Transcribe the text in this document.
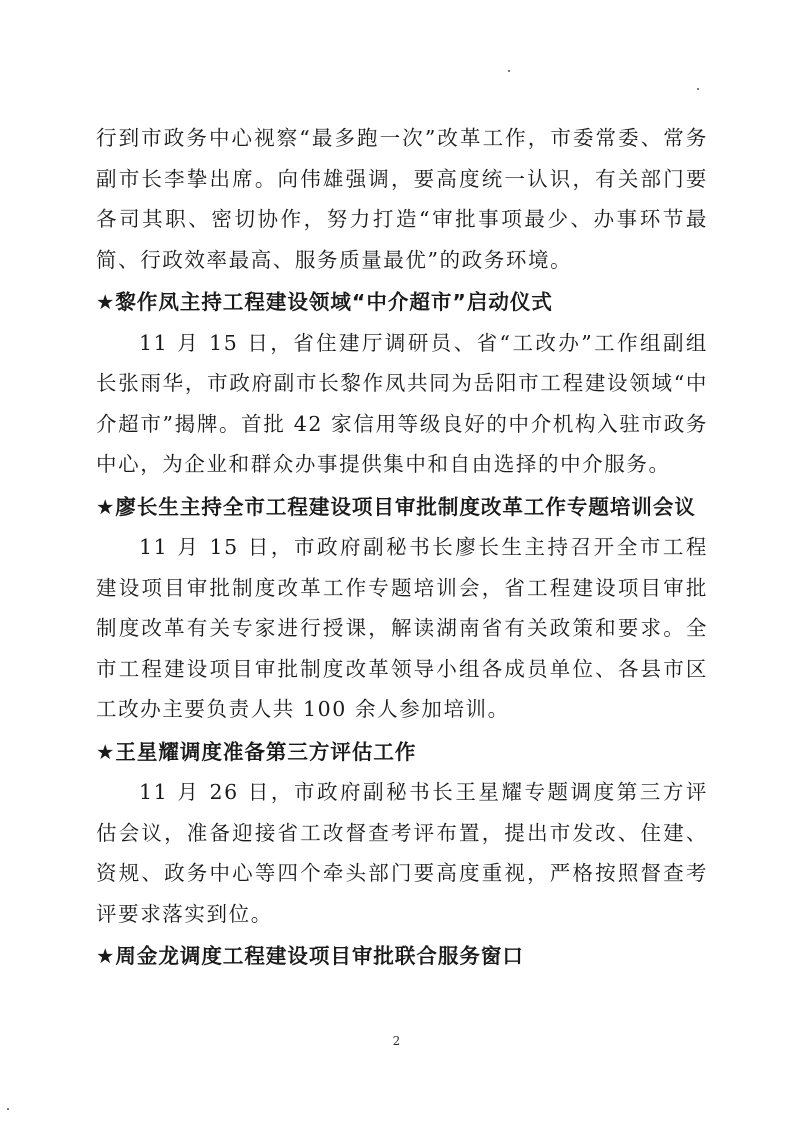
行到市政务中心视察“最多跑一次”改革工作，市委常委、常务副市长李挚出席。向伟雄强调，要高度统一认识，有关部门要各司其职、密切协作，努力打造“审批事项最少、办事环节最简、行政效率最高、服务质量最优”的政务环境。

★黎作凤主持工程建设领域“中介超市”启动仪式

11 月 15 日，省住建厅调研员、省“工改办”工作组副组长张雨华，市政府副市长黎作凤共同为岳阳市工程建设领域“中介超市”揭牌。首批 42 家信用等级良好的中介机构入驻市政务中心，为企业和群众办事提供集中和自由选择的中介服务。

★廖长生主持全市工程建设项目审批制度改革工作专题培训会议

11 月 15 日，市政府副秘书长廖长生主持召开全市工程建设项目审批制度改革工作专题培训会，省工程建设项目审批制度改革有关专家进行授课，解读湖南省有关政策和要求。全市工程建设项目审批制度改革领导小组各成员单位、各县市区工改办主要负责人共 100 余人参加培训。

★王星耀调度准备第三方评估工作

11 月 26 日，市政府副秘书长王星耀专题调度第三方评估会议，准备迎接省工改督查考评布置，提出市发改、住建、资规、政务中心等四个牵头部门要高度重视，严格按照督查考评要求落实到位。

★周金龙调度工程建设项目审批联合服务窗口

2
